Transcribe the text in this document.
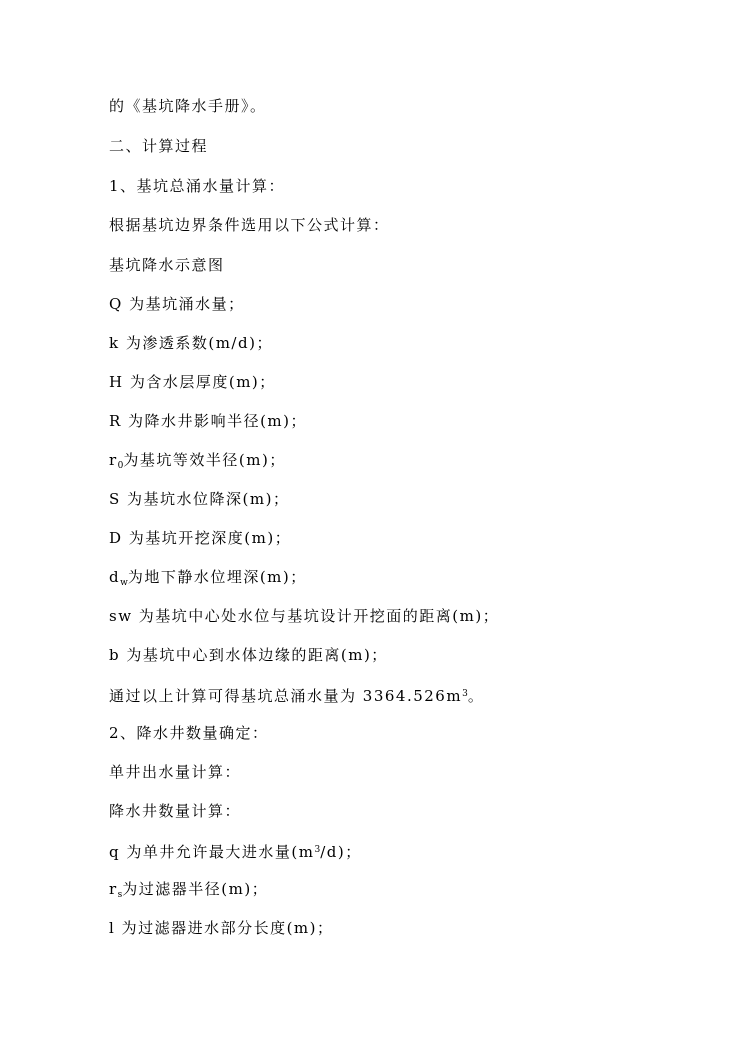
的《基坑降水手册》。
二、计算过程
1、基坑总涌水量计算：
根据基坑边界条件选用以下公式计算：
基坑降水示意图
Q 为基坑涌水量；
k 为渗透系数(m/d)；
H 为含水层厚度(m)；
R 为降水井影响半径(m)；
$r_0$为基坑等效半径(m)；
S 为基坑水位降深(m)；
D 为基坑开挖深度(m)；
$d_w$为地下静水位埋深(m)；
sw 为基坑中心处水位与基坑设计开挖面的距离(m)；
b 为基坑中心到水体边缘的距离(m)；
通过以上计算可得基坑总涌水量为 $3364.526m^3$。
2、降水井数量确定：
单井出水量计算：
降水井数量计算：
q 为单井允许最大进水量$(m^3/d)$；
$r_s$为过滤器半径(m)；
l 为过滤器进水部分长度(m)；
